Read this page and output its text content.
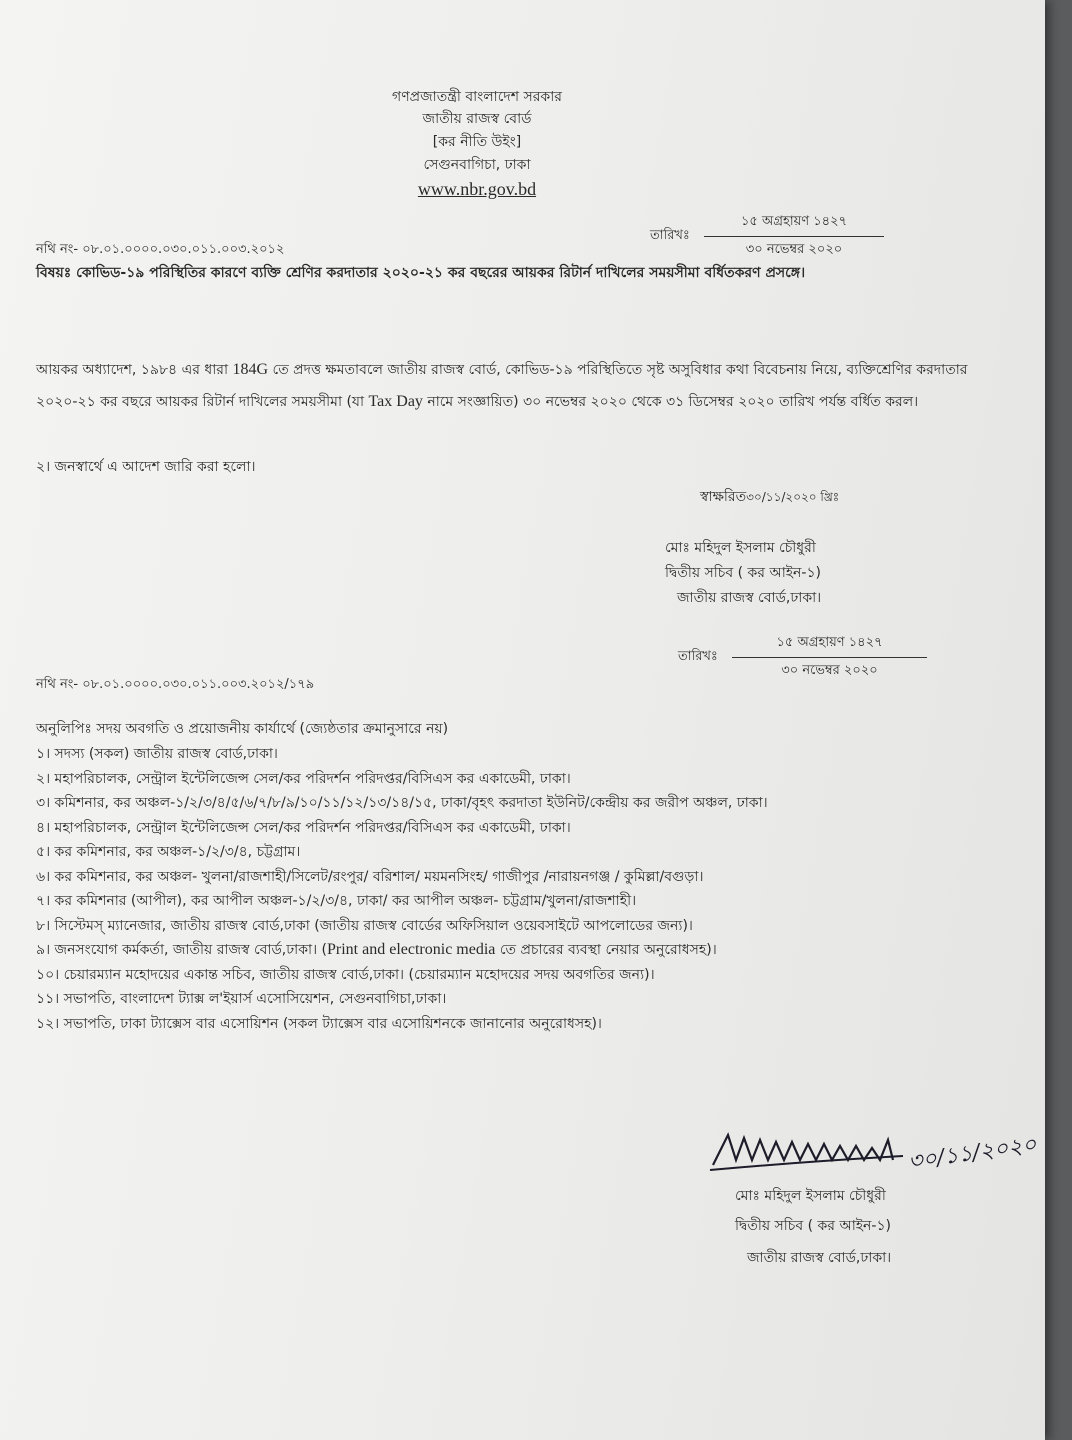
গণপ্রজাতন্ত্রী বাংলাদেশ সরকার
জাতীয় রাজস্ব বোর্ড
[কর নীতি উইং]
সেগুনবাগিচা, ঢাকা
www.nbr.gov.bd
নথি নং- ০৮.০১.০০০০.০৩০.০১১.০০৩.২০১২
তারিখঃ $\frac{\text{১৫ অগ্রহায়ণ ১৪২৭}}{\text{৩০ নভেম্বর ২০২০}}$
বিষয়ঃ কোভিড-১৯ পরিস্থিতির কারণে ব্যক্তি শ্রেণির করদাতার ২০২০-২১ কর বছরের আয়কর রিটার্ন দাখিলের সময়সীমা বর্ধিতকরণ প্রসঙ্গে।
আয়কর অধ্যাদেশ, ১৯৮৪ এর ধারা 184G তে প্রদত্ত ক্ষমতাবলে জাতীয় রাজস্ব বোর্ড, কোভিড-১৯ পরিস্থিতিতে সৃষ্ট অসুবিধার কথা বিবেচনায় নিয়ে, ব্যক্তিশ্রেণির করদাতার ২০২০-২১ কর বছরে আয়কর রিটার্ন দাখিলের সময়সীমা (যা Tax Day নামে সংজ্ঞায়িত) ৩০ নভেম্বর ২০২০ থেকে ৩১ ডিসেম্বর ২০২০ তারিখ পর্যন্ত বর্ধিত করল।
২। জনস্বার্থে এ আদেশ জারি করা হলো।
স্বাক্ষরিত৩০/১১/২০২০ খ্রিঃ
মোঃ মহিদুল ইসলাম চৌধুরী
দ্বিতীয় সচিব ( কর আইন-১)
জাতীয় রাজস্ব বোর্ড,ঢাকা।
নথি নং- ০৮.০১.০০০০.০৩০.০১১.০০৩.২০১২/১৭৯
তারিখঃ $\frac{\text{১৫ অগ্রহায়ণ ১৪২৭}}{\text{৩০ নভেম্বর ২০২০}}$
অনুলিপিঃ সদয় অবগতি ও প্রয়োজনীয় কার্যার্থে (জ্যেষ্ঠতার ক্রমানুসারে নয়)
১। সদস্য (সকল) জাতীয় রাজস্ব বোর্ড,ঢাকা।
২। মহাপরিচালক, সেন্ট্রাল ইন্টেলিজেন্স সেল/কর পরিদর্শন পরিদপ্তর/বিসিএস কর একাডেমী, ঢাকা।
৩। কমিশনার, কর অঞ্চল-১/২/৩/৪/৫/৬/৭/৮/৯/১০/১১/১২/১৩/১৪/১৫, ঢাকা/বৃহৎ করদাতা ইউনিট/কেন্দ্রীয় কর জরীপ অঞ্চল, ঢাকা।
৪। মহাপরিচালক, সেন্ট্রাল ইন্টেলিজেন্স সেল/কর পরিদর্শন পরিদপ্তর/বিসিএস কর একাডেমী, ঢাকা।
৫। কর কমিশনার, কর অঞ্চল-১/২/৩/৪, চট্টগ্রাম।
৬। কর কমিশনার, কর অঞ্চল- খুলনা/রাজশাহী/সিলেট/রংপুর/ বরিশাল/ ময়মনসিংহ/ গাজীপুর /নারায়নগঞ্জ / কুমিল্লা/বগুড়া।
৭। কর কমিশনার (আপীল), কর আপীল অঞ্চল-১/২/৩/৪, ঢাকা/ কর আপীল অঞ্চল- চট্টগ্রাম/খুলনা/রাজশাহী।
৮। সিস্টেমস্ ম্যানেজার, জাতীয় রাজস্ব বোর্ড,ঢাকা (জাতীয় রাজস্ব বোর্ডের অফিসিয়াল ওয়েবসাইটে আপলোডের জন্য)।
৯। জনসংযোগ কর্মকর্তা, জাতীয় রাজস্ব বোর্ড,ঢাকা। (Print and electronic media তে প্রচারের ব্যবস্থা নেয়ার অনুরোধসহ)।
১০। চেয়ারম্যান মহোদয়ের একান্ত সচিব, জাতীয় রাজস্ব বোর্ড,ঢাকা। (চেয়ারম্যান মহোদয়ের সদয় অবগতির জন্য)।
১১। সভাপতি, বাংলাদেশ ট্যাক্স ল'ইয়ার্স এসোসিয়েশন, সেগুনবাগিচা,ঢাকা।
১২। সভাপতি, ঢাকা ট্যাক্সেস বার এসোয়িশন (সকল ট্যাক্সেস বার এসোয়িশনকে জানানোর অনুরোধসহ)।
৩০/১১/২০২০
মোঃ মহিদুল ইসলাম চৌধুরী
দ্বিতীয় সচিব ( কর আইন-১)
জাতীয় রাজস্ব বোর্ড,ঢাকা।
